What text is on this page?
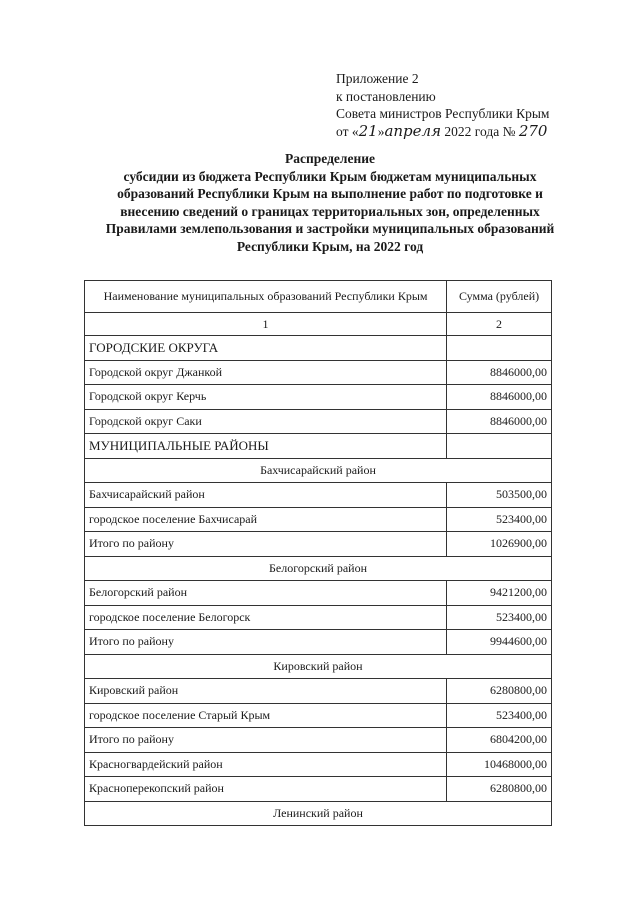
Приложение 2
к постановлению
Совета министров Республики Крым
от «21»апреля 2022 года № 270
Распределение
субсидии из бюджета Республики Крым бюджетам муниципальных
образований Республики Крым на выполнение работ по подготовке и
внесению сведений о границах территориальных зон, определенных
Правилами землепользования и застройки муниципальных образований
Республики Крым, на 2022 год
Наименование муниципальных образований Республики Крым	Сумма (рублей)
1	2
ГОРОДСКИЕ ОКРУГА	
Городской округ Джанкой	8846000,00
Городской округ Керчь	8846000,00
Городской округ Саки	8846000,00
МУНИЦИПАЛЬНЫЕ РАЙОНЫ	
Бахчисарайский район	
Бахчисарайский район	503500,00
городское поселение Бахчисарай	523400,00
Итого по району	1026900,00
Белогорский район	
Белогорский район	9421200,00
городское поселение Белогорск	523400,00
Итого по району	9944600,00
Кировский район	
Кировский район	6280800,00
городское поселение Старый Крым	523400,00
Итого по району	6804200,00
Красногвардейский район	10468000,00
Красноперекопский район	6280800,00
Ленинский район	
